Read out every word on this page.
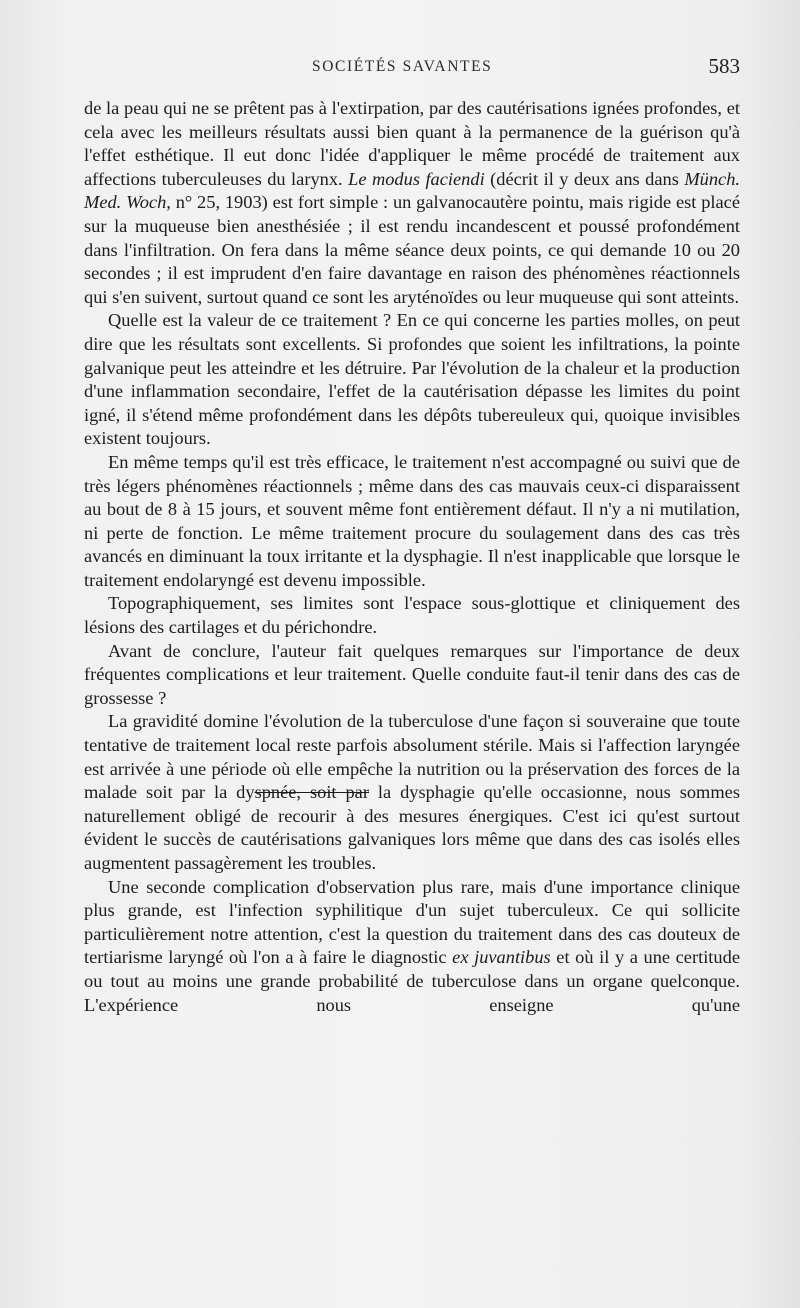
SOCIÉTÉS SAVANTES	583

de la peau qui ne se prêtent pas à l'extirpation, par des cautérisations ignées profondes, et cela avec les meilleurs résultats aussi bien quant à la permanence de la guérison qu'à l'effet esthétique. Il eut donc l'idée d'appliquer le même procédé de traitement aux affections tuberculeuses du larynx. Le modus faciendi (décrit il y deux ans dans Münch. Med. Woch, n° 25, 1903) est fort simple : un galvanocautère pointu, mais rigide est placé sur la muqueuse bien anesthésiée ; il est rendu incandescent et poussé profondément dans l'infiltration. On fera dans la même séance deux points, ce qui demande 10 ou 20 secondes ; il est imprudent d'en faire davantage en raison des phénomènes réactionnels qui s'en suivent, surtout quand ce sont les aryténoïdes ou leur muqueuse qui sont atteints.

Quelle est la valeur de ce traitement ? En ce qui concerne les parties molles, on peut dire que les résultats sont excellents. Si profondes que soient les infiltrations, la pointe galvanique peut les atteindre et les détruire. Par l'évolution de la chaleur et la production d'une inflammation secondaire, l'effet de la cautérisation dépasse les limites du point igné, il s'étend même profondément dans les dépôts tubereuleux qui, quoique invisibles existent toujours.

En même temps qu'il est très efficace, le traitement n'est accompagné ou suivi que de très légers phénomènes réactionnels ; même dans des cas mauvais ceux-ci disparaissent au bout de 8 à 15 jours, et souvent même font entièrement défaut. Il n'y a ni mutilation, ni perte de fonction. Le même traitement procure du soulagement dans des cas très avancés en diminuant la toux irritante et la dysphagie. Il n'est inapplicable que lorsque le traitement endolaryngé est devenu impossible.

Topographiquement, ses limites sont l'espace sous-glottique et cliniquement des lésions des cartilages et du périchondre.

Avant de conclure, l'auteur fait quelques remarques sur l'importance de deux fréquentes complications et leur traitement. Quelle conduite faut-il tenir dans des cas de grossesse ?

La gravidité domine l'évolution de la tuberculose d'une façon si souveraine que toute tentative de traitement local reste parfois absolument stérile. Mais si l'affection laryngée est arrivée à une période où elle empêche la nutrition ou la préservation des forces de la malade soit par la dyspnée, soit par la dysphagie qu'elle occasionne, nous sommes naturellement obligé de recourir à des mesures énergiques. C'est ici qu'est surtout évident le succès de cautérisations galvaniques lors même que dans des cas isolés elles augmentent passagèrement les troubles.

Une seconde complication d'observation plus rare, mais d'une importance clinique plus grande, est l'infection syphilitique d'un sujet tuberculeux. Ce qui sollicite particulièrement notre attention, c'est la question du traitement dans des cas douteux de tertiarisme laryngé où l'on a à faire le diagnostic ex juvantibus et où il y a une certitude ou tout au moins une grande probabilité de tuberculose dans un organe quelconque. L'expérience nous enseigne qu'une
